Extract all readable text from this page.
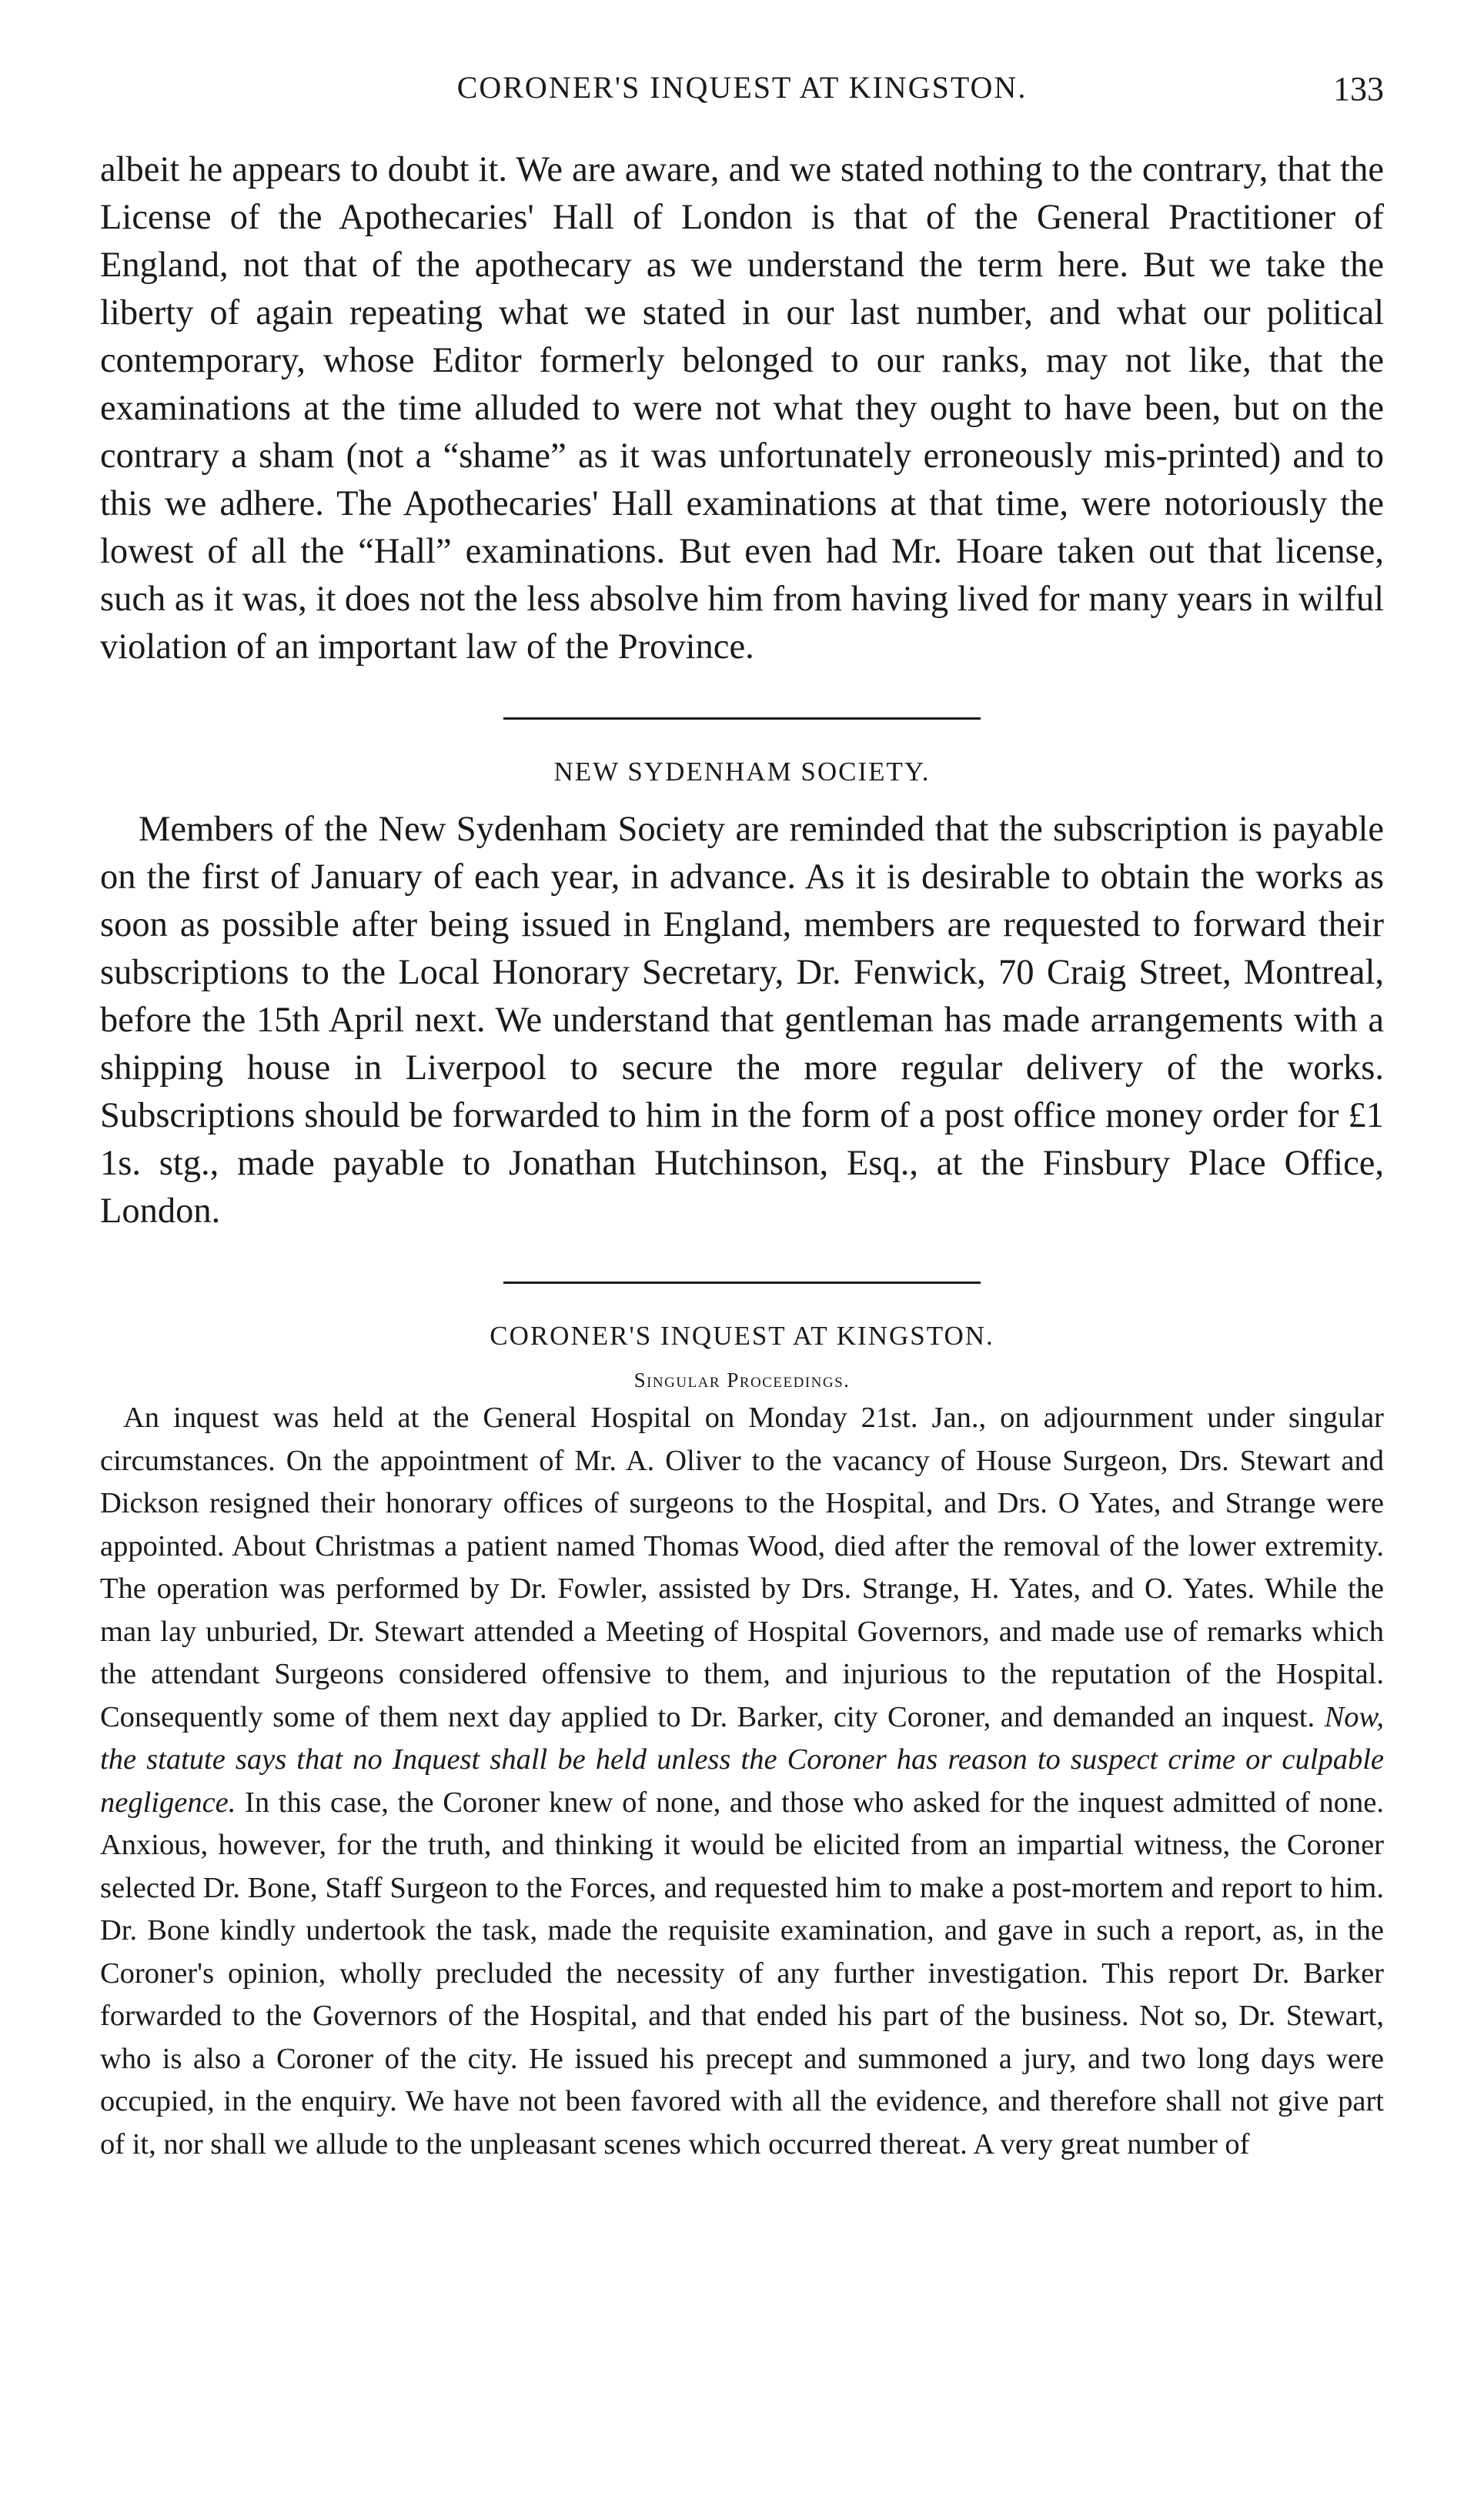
CORONER'S INQUEST AT KINGSTON.	133

albeit he appears to doubt it. We are aware, and we stated nothing to the contrary, that the License of the Apothecaries' Hall of London is that of the General Practitioner of England, not that of the apothecary as we understand the term here. But we take the liberty of again repeating what we stated in our last number, and what our political contemporary, whose Editor formerly belonged to our ranks, may not like, that the examinations at the time alluded to were not what they ought to have been, but on the contrary a sham (not a “shame” as it was unfortunately erroneously mis-printed) and to this we adhere. The Apothecaries' Hall examinations at that time, were notoriously the lowest of all the “Hall” examinations. But even had Mr. Hoare taken out that license, such as it was, it does not the less absolve him from having lived for many years in wilful violation of an important law of the Province.

NEW SYDENHAM SOCIETY.

Members of the New Sydenham Society are reminded that the subscription is payable on the first of January of each year, in advance. As it is desirable to obtain the works as soon as possible after being issued in England, members are requested to forward their subscriptions to the Local Honorary Secretary, Dr. Fenwick, 70 Craig Street, Montreal, before the 15th April next. We understand that gentleman has made arrangements with a shipping house in Liverpool to secure the more regular delivery of the works. Subscriptions should be forwarded to him in the form of a post office money order for £1 1s. stg., made payable to Jonathan Hutchinson, Esq., at the Finsbury Place Office, London.

CORONER'S INQUEST AT KINGSTON.
Singular Proceedings.

An inquest was held at the General Hospital on Monday 21st. Jan., on adjournment under singular circumstances. On the appointment of Mr. A. Oliver to the vacancy of House Surgeon, Drs. Stewart and Dickson resigned their honorary offices of surgeons to the Hospital, and Drs. O Yates, and Strange were appointed. About Christmas a patient named Thomas Wood, died after the removal of the lower extremity. The operation was performed by Dr. Fowler, assisted by Drs. Strange, H. Yates, and O. Yates. While the man lay unburied, Dr. Stewart attended a Meeting of Hospital Governors, and made use of remarks which the attendant Surgeons considered offensive to them, and injurious to the reputation of the Hospital. Consequently some of them next day applied to Dr. Barker, city Coroner, and demanded an inquest. Now, the statute says that no Inquest shall be held unless the Coroner has reason to suspect crime or culpable negligence. In this case, the Coroner knew of none, and those who asked for the inquest admitted of none. Anxious, however, for the truth, and thinking it would be elicited from an impartial witness, the Coroner selected Dr. Bone, Staff Surgeon to the Forces, and requested him to make a post-mortem and report to him. Dr. Bone kindly undertook the task, made the requisite examination, and gave in such a report, as, in the Coroner's opinion, wholly precluded the necessity of any further investigation. This report Dr. Barker forwarded to the Governors of the Hospital, and that ended his part of the business. Not so, Dr. Stewart, who is also a Coroner of the city. He issued his precept and summoned a jury, and two long days were occupied, in the enquiry. We have not been favored with all the evidence, and therefore shall not give part of it, nor shall we allude to the unpleasant scenes which occurred thereat. A very great number of
